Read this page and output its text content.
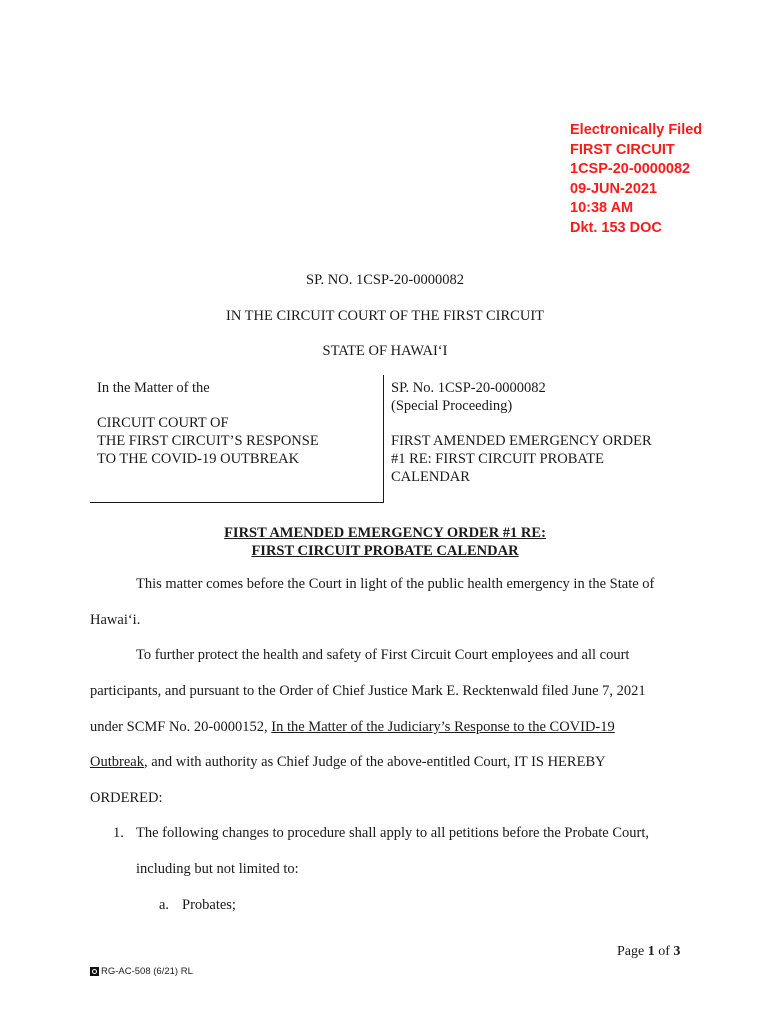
Electronically Filed
FIRST CIRCUIT
1CSP-20-0000082
09-JUN-2021
10:38 AM
Dkt. 153 DOC
SP. NO. 1CSP-20-0000082
IN THE CIRCUIT COURT OF THE FIRST CIRCUIT
STATE OF HAWAI‘I
In the Matter of the
CIRCUIT COURT OF
THE FIRST CIRCUIT’S RESPONSE
TO THE COVID-19 OUTBREAK
SP. No. 1CSP-20-0000082
(Special Proceeding)
FIRST AMENDED EMERGENCY ORDER
#1 RE: FIRST CIRCUIT PROBATE
CALENDAR
FIRST AMENDED EMERGENCY ORDER #1 RE:
FIRST CIRCUIT PROBATE CALENDAR
This matter comes before the Court in light of the public health emergency in the State of
Hawai‘i.
To further protect the health and safety of First Circuit Court employees and all court
participants, and pursuant to the Order of Chief Justice Mark E. Recktenwald filed June 7, 2021
under SCMF No. 20-0000152, In the Matter of the Judiciary’s Response to the COVID-19
Outbreak, and with authority as Chief Judge of the above-entitled Court, IT IS HEREBY
ORDERED:
1. The following changes to procedure shall apply to all petitions before the Probate Court,
including but not limited to:
a. Probates;
Page 1 of 3
RG-AC-508 (6/21) RL
